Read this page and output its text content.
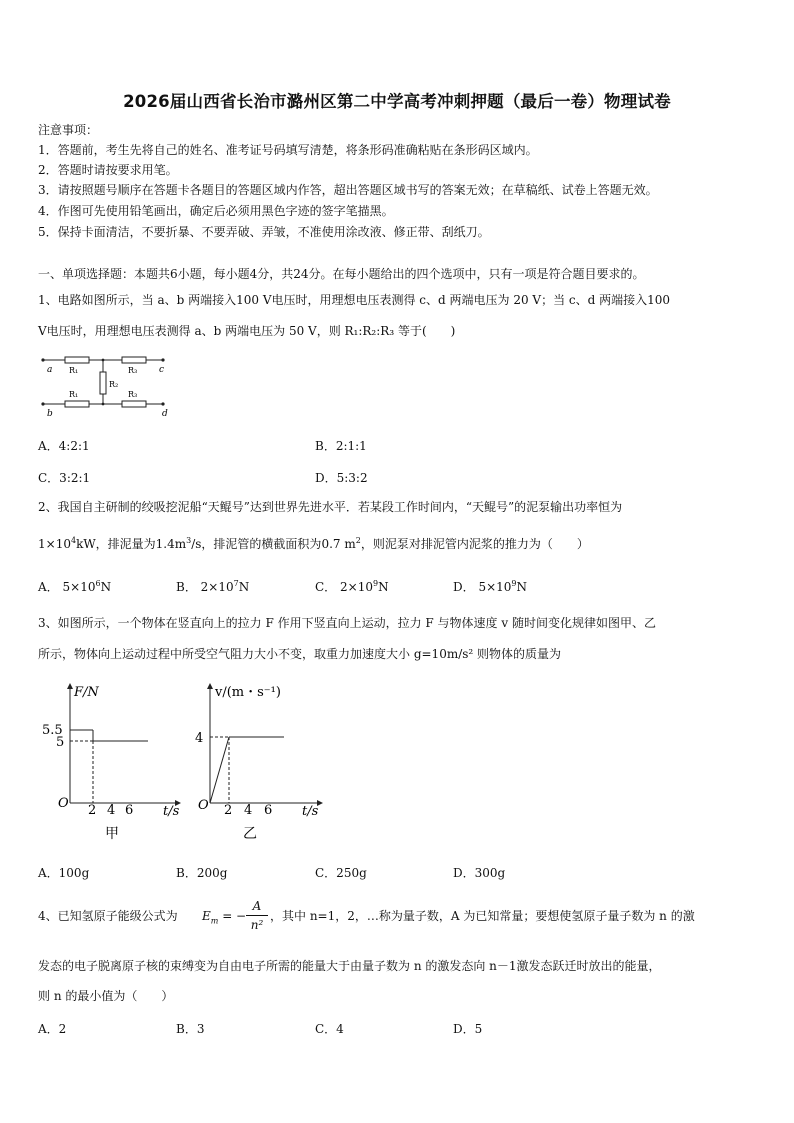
2026届山西省长治市潞州区第二中学高考冲刺押题（最后一卷）物理试卷
注意事项：
1．答题前，考生先将自己的姓名、准考证号码填写清楚，将条形码准确粘贴在条形码区域内。
2．答题时请按要求用笔。
3．请按照题号顺序在答题卡各题目的答题区域内作答，超出答题区域书写的答案无效；在草稿纸、试卷上答题无效。
4．作图可先使用铅笔画出，确定后必须用黑色字迹的签字笔描黑。
5．保持卡面清洁，不要折暴、不要弄破、弄皱，不准使用涂改液、修正带、刮纸刀。
一、单项选择题：本题共6小题，每小题4分，共24分。在每小题给出的四个选项中，只有一项是符合题目要求的。
1、电路如图所示，当 a、b 两端接入100 V电压时，用理想电压表测得 c、d 两端电压为 20 V；当 c、d 两端接入100
V电压时，用理想电压表测得 a、b 两端电压为 50 V，则 R₁:R₂:R₃ 等于(　　)
a
b
c
d
R₁
R₁
R₃
R₃
R₂
A．4:2:1	B．2:1:1
C．3:2:1	D．5:3:2
2、我国自主研制的绞吸挖泥船“天鲲号”达到世界先进水平．若某段工作时间内，“天鲲号”的泥泵输出功率恒为
$1\times 10^4kW$，排泥量为$1.4m^3/s$，排泥管的横截面积为0.7 $m^2$，则泥泵对排泥管内泥浆的推力为（　　）
A． $5\times 10^6N$	B． $2\times 10^7N$	C． $2\times 10^9N$	D． $5\times 10^9N$
3、如图所示，一个物体在竖直向上的拉力 F 作用下竖直向上运动，拉力 F 与物体速度 v 随时间变化规律如图甲、乙
所示，物体向上运动过程中所受空气阻力大小不变，取重力加速度大小 g=10m/s² 则物体的质量为
F/N
5.5
5
O 2 4 6 t/s
甲
v/(m・s⁻¹)
4
O 2 4 6 t/s
乙
A．100g	B．200g	C．250g	D．300g
4、已知氢原子能级公式为 $E_m$ = −
A
n²
，其中 n=1，2，…称为量子数，A 为已知常量；要想使氢原子量子数为 n 的激
发态的电子脱离原子核的束缚变为自由电子所需的能量大于由量子数为 n 的激发态向 n－1激发态跃迁时放出的能量，
则 n 的最小值为（　　）
A．2	B．3	C．4	D．5
